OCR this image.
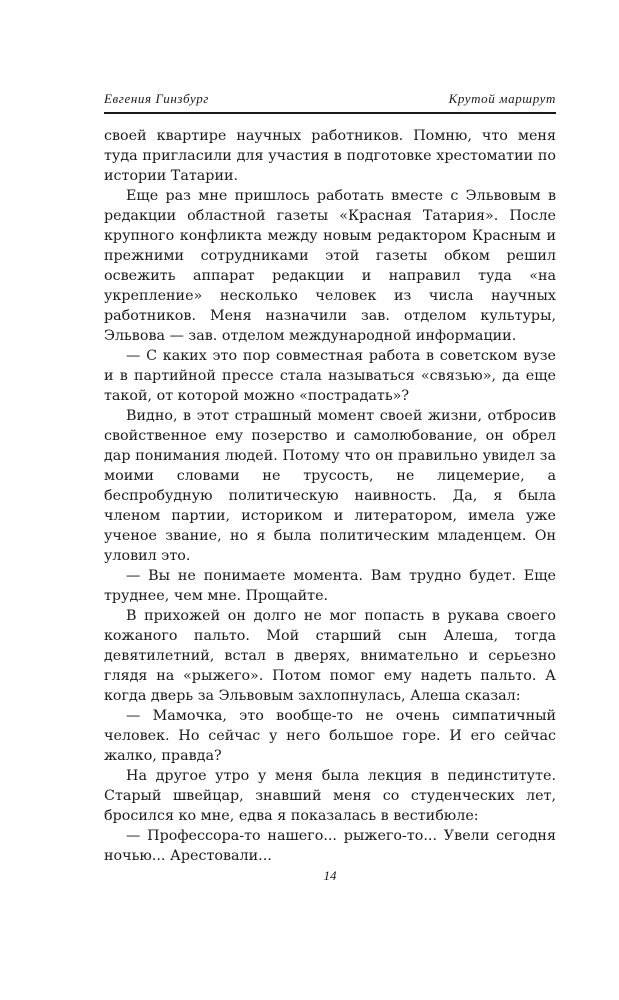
Евгения Гинзбург	Крутой маршрут

своей квартире научных работников. Помню, что меня туда пригласили для участия в подготовке хрестоматии по истории Татарии.

Еще раз мне пришлось работать вместе с Эльвовым в редакции областной газеты «Красная Татария». После крупного конфликта между новым редактором Красным и прежними сотрудниками этой газеты обком решил освежить аппарат редакции и направил туда «на укрепление» несколько человек из числа научных работников. Меня назначили зав. отделом культуры, Эльвова — зав. отделом международной информации.

— С каких это пор совместная работа в советском вузе и в партийной прессе стала называться «связью», да еще такой, от которой можно «пострадать»?

Видно, в этот страшный момент своей жизни, отбросив свойственное ему позерство и самолюбование, он обрел дар понимания людей. Потому что он правильно увидел за моими словами не трусость, не лицемерие, а беспробудную политическую наивность. Да, я была членом партии, историком и литератором, имела уже ученое звание, но я была политическим младенцем. Он уловил это.

— Вы не понимаете момента. Вам трудно будет. Еще труднее, чем мне. Прощайте.

В прихожей он долго не мог попасть в рукава своего кожаного пальто. Мой старший сын Алеша, тогда девятилетний, встал в дверях, внимательно и серьезно глядя на «рыжего». Потом помог ему надеть пальто. А когда дверь за Эльвовым захлопнулась, Алеша сказал:

— Мамочка, это вообще-то не очень симпатичный человек. Но сейчас у него большое горе. И его сейчас жалко, правда?

На другое утро у меня была лекция в пединституте. Старый швейцар, знавший меня со студенческих лет, бросился ко мне, едва я показалась в вестибюле:

— Профессора-то нашего... рыжего-то... Увели сегодня ночью... Арестовали...

14
